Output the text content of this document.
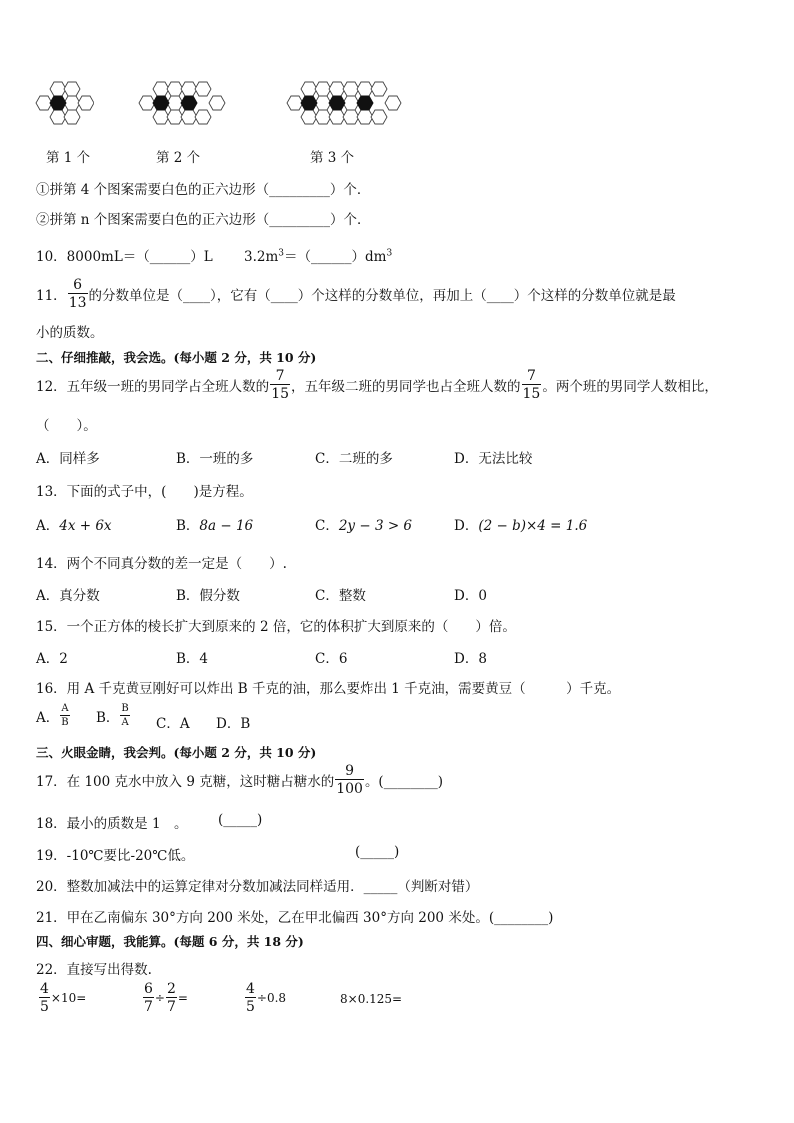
第 1 个	第 2 个	第 3 个
①拼第 4 个图案需要白色的正六边形（_________）个．
②拼第 n 个图案需要白色的正六边形（_________）个．
10．8000mL＝（______）L $3.2m^3=(\_\_\_\_\_\_)dm^3$
11． $\frac{6}{13}$ 的分数单位是（____），它有（____）个这样的分数单位，再加上（____）个这样的分数单位就是最
小的质数。
二、仔细推敲，我会选。(每小题 2 分，共 10 分)
12．五年级一班的男同学占全班人数的 $\frac{7}{15}$ ，五年级二班的男同学也占全班人数的 $\frac{7}{15}$ 。两个班的男同学人数相比，
（　　）。
A．同样多	B．一班的多	C．二班的多	D．无法比较
13．下面的式子中，(　　)是方程。
A．4x + 6x	B．8a − 16	C．2y − 3 > 6	D．(2 − b)×4 = 1.6
14．两个不同真分数的差一定是（　　）.
A．真分数	B．假分数	C．整数	D．0
15．一个正方体的棱长扩大到原来的 2 倍，它的体积扩大到原来的（　　）倍。
A．2	B．4	C．6	D．8
16．用 A 千克黄豆刚好可以炸出 B 千克的油，那么要炸出 1 千克油，需要黄豆（　　　）千克。
A． $\frac{A}{B}$ B． $\frac{B}{A}$ C．A D．B
三、火眼金睛，我会判。(每小题 2 分，共 10 分)
17．在 100 克水中放入 9 克糖，这时糖占糖水的 $\frac{9}{100}$ 。(________)
18．最小的质数是 1　。 (_____)
19．-10℃要比-20℃低。	(_____)
20．整数加减法中的运算定律对分数加减法同样适用．_____（判断对错）
21．甲在乙南偏东 30°方向 200 米处，乙在甲北偏西 30°方向 200 米处。(________)
四、细心审题，我能算。(每题 6 分，共 18 分)
22．直接写出得数.
$\frac{4}{5} \times 10=$	$\frac{6}{7} \div \frac{2}{7}$ =	$\frac{4}{5} \div 0.8$	8×0.125=
